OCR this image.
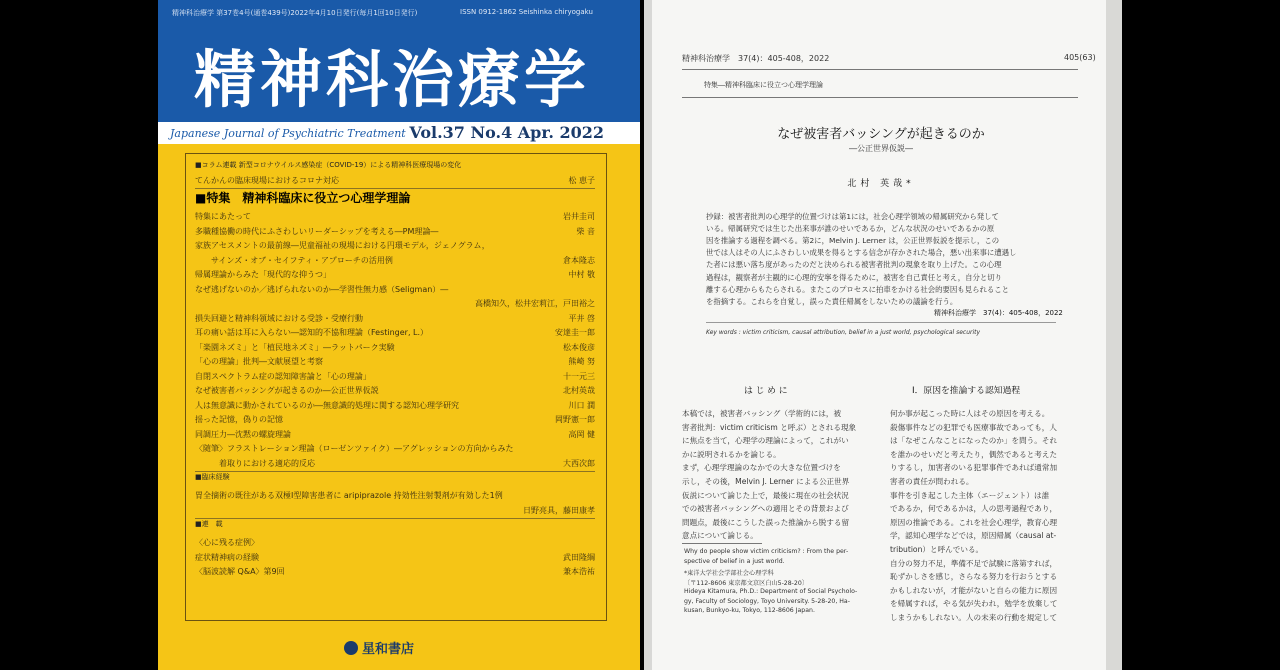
精神科治療学 第37巻4号(通巻439号)2022年4月10日発行(毎月1回10日発行)	ISSN 0912-1862 Seishinka chiryogaku
精神科治療学
Japanese Journal of Psychiatric Treatment Vol.37 No.4 Apr. 2022
■コラム連載 新型コロナウイルス感染症（COVID-19）による精神科医療現場の変化
てんかんの臨床現場におけるコロナ対応	松 恵子
■特集　精神科臨床に役立つ心理学理論
特集にあたって	岩井圭司
多職種協働の時代にふさわしいリーダーシップを考える―PM理論―	柴 音
家族アセスメントの最前線―児童福祉の現場における円環モデル，ジェノグラム，
　　サインズ・オブ・セイフティ・アプローチの活用例	倉本隆志
帰属理論からみた「現代的な抑うつ」	中村 敬
なぜ逃げないのか／逃げられないのか―学習性無力感（Seligman）―
高橋知久，松井宏莉江，戸田裕之
損失回避と精神科領域における受診・受療行動	平井 啓
耳の痛い話は耳に入らない―認知的不協和理論（Festinger, L.）	安達圭一郎
「楽園ネズミ」と「植民地ネズミ」―ラットパーク実験	松本俊彦
「心の理論」批判―文献展望と考察	熊崎 努
自閉スペクトラム症の認知障害論と「心の理論」	十一元三
なぜ被害者バッシングが起きるのか―公正世界仮説	北村英哉
人は無意識に動かされているのか―無意識的処理に関する認知心理学研究	川口 潤
揺った記憶，偽りの記憶	岡野憲一郎
同調圧力―沈黙の螺旋理論	高岡 健
〈随筆〉フラストレーション理論（ローゼンツァイク）―アグレッションの方向からみた
　　　着取りにおける適応的反応	大西次郎
■臨床経験
胃全摘術の既往がある双極Ⅰ型障害患者に aripiprazole 持効性注射製剤が有効した1例
日野亮具，藤田康孝
■連　載
〈心に残る症例〉
症状精神病の経験	武田隆綱
〈脳波読解 Q&A〉第9回	兼本浩祐
星和書店
精神科治療学　37(4)：405-408，2022	405(63)
特集―精神科臨床に役立つ心理学理論
なぜ被害者バッシングが起きるのか
―公正世界仮説―
北村 英哉*
抄録：被害者批判の心理学的位置づけは第1には，社会心理学領域の帰属研究から発して
いる。帰属研究では生じた出来事が誰のせいであるか，どんな状況のせいであるかの原
因を推論する過程を調べる。第2に，Melvin J. Lerner は，公正世界仮説を提示し，この
世では人はその人にふさわしい成果を得るとする信念が存かされた場合，悪い出来事に遭遇し
た者には悪い落ち度があったのだと決められる被害者批判の現象を取り上げた。この心理
過程は，観察者が主観的に心理的安寧を得るために，被害を自己責任と考え，自分と切り
離する心理からもたらされる。またこのプロセスに拍車をかける社会的要因も見られること
を指摘する。これらを自覚し，誤った責任帰属をしないための議論を行う。
精神科治療学　37(4)：405-408，2022
Key words : victim criticism, causal attribution, belief in a just world, psychological security
は じ め に	I．原因を推論する認知過程
本稿では，被害者バッシング（学術的には，被
害者批判：victim criticism と呼ぶ）とされる現象
に焦点を当て，心理学の理論によって，これがい
かに説明されるかを論じる。
まず，心理学理論のなかでの大きな位置づけを
示し，その後，Melvin J. Lerner による公正世界
仮説について論じた上で，最後に現在の社会状況
での被害者バッシングへの適用とその背景および
問題点，最後にこうした誤った推論から脱する留
意点について論じる。
Why do people show victim criticism? : From the per-
spective of belief in a just world.
*東洋大学社会学部社会心理学科
〔〒112-8606 東京都文京区白山5-28-20〕
Hideya Kitamura, Ph.D.: Department of Social Psycholo-
gy, Faculty of Sociology, Toyo University. 5-28-20, Ha-
kusan, Bunkyo-ku, Tokyo, 112-8606 Japan.
何か事が起こった時に人はその原因を考える。
殺傷事件などの犯罪でも医療事故であっても，人
は「なぜこんなことになったのか」を問う。それ
を誰かのせいだと考えたり，偶然であると考えた
りするし，加害者のいる犯罪事件であれば通常加
害者の責任が問われる。
事件を引き起こした主体（エージェント）は誰
であるか，何であるかは，人の思考過程であり，
原因の推論である。これを社会心理学，教育心理
学，認知心理学などでは，原因帰属（causal at-
tribution）と呼んでいる。
自分の努力不足，準備不足で試験に落第すれば，
恥ずかしさを感じ，さらなる努力を行おうとする
かもしれないが，才能がないと自らの能力に原因
を帰属すれば，やる気が失われ，勉学を放棄して
しまうかもしれない。人の未来の行動を規定して
